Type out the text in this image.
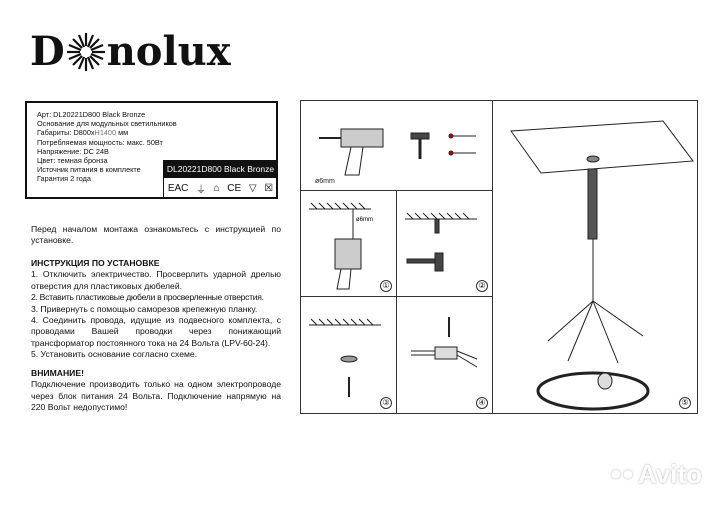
D nolux
Арт: DL20221D800 Black Bronze
Основание для модульных светильников
Габариты: D800xH1400 мм
Потребляемая мощность: макс. 50Вт
Напряжение: DC 24В
Цвет: темная бронза
Источник питания в комплекте
Гарантия 2 года
DL20221D800 Black Bronze
EAC ⏚ ⌂ CE ▽ ☒
Перед началом монтажа ознакомьтесь с инструкцией по установке.
ИНСТРУКЦИЯ ПО УСТАНОВКЕ
1. Отключить электричество. Просверлить ударной дрелью отверстия для пластиковых дюбелей.
2. Вставить пластиковые дюбели в просверленные отверстия.
3. Привернуть с помощью саморезов крепежную планку.
4. Соединить провода, идущие из подвесного комплекта, с проводами Вашей проводки через понижающий трансформатор постоянного тока на 24 Вольта (LPV-60-24).
5. Установить основание согласно схеме.
ВНИМАНИЕ!
Подключение производить только на одном электропроводе через блок питания 24 Вольта. Подключение напрямую на 220 Вольт недопустимо!
ø6mm
ø6mm
①	②
③	④	⑤
●● Avito
